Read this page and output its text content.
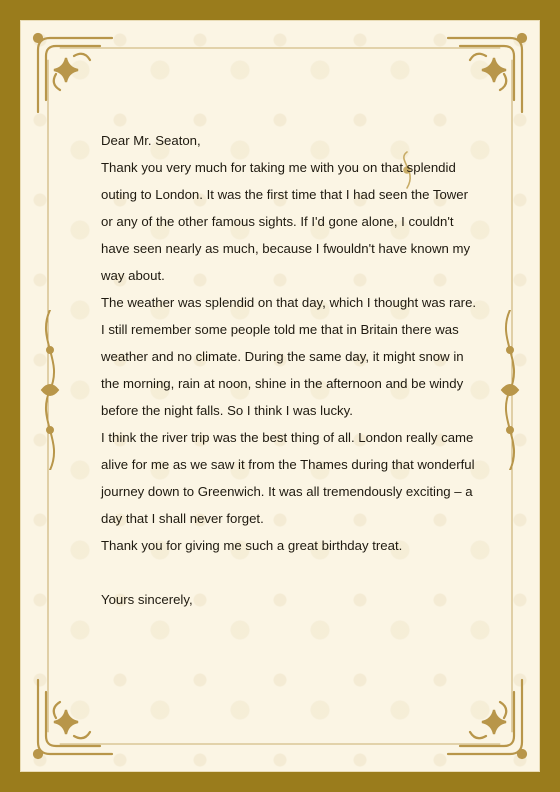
Dear Mr. Seaton,

Thank you very much for taking me with you on that splendid outing to London. It was the first time that I had seen the Tower or any of the other famous sights. If I'd gone alone, I couldn't have seen nearly as much, because I fwouldn't have known my way about.

The weather was splendid on that day, which I thought was rare. I still remember some people told me that in Britain there was weather and no climate. During the same day, it might snow in the morning, rain at noon, shine in the afternoon and be windy before the night falls. So I think I was lucky.

I think the river trip was the best thing of all. London really came alive for me as we saw it from the Thames during that wonderful journey down to Greenwich. It was all tremendously exciting – a day that I shall never forget.

Thank you for giving me such a great birthday treat.

Yours sincerely,
